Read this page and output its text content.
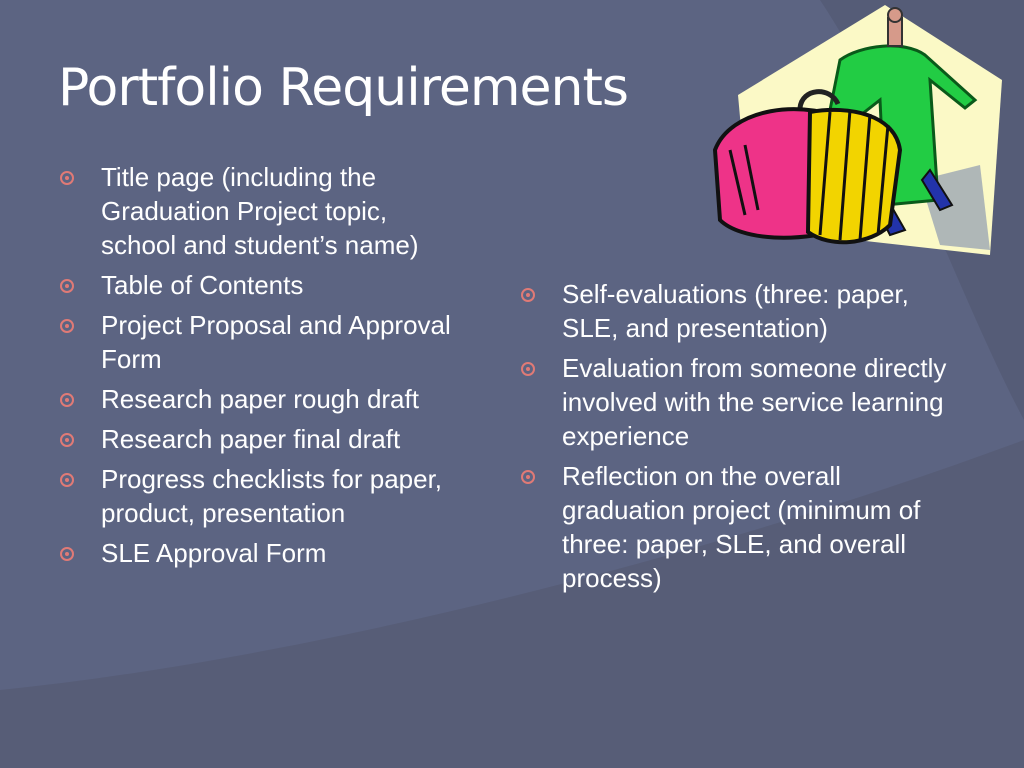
Portfolio Requirements
Title page (including the Graduation Project topic, school and student’s name)
Table of Contents
Project Proposal and Approval Form
Research paper rough draft
Research paper final draft
Progress checklists for paper, product, presentation
SLE Approval Form
Self-evaluations (three: paper, SLE, and presentation)
Evaluation from someone directly involved with the service learning experience
Reflection on the overall graduation project (minimum of three: paper, SLE, and overall process)
